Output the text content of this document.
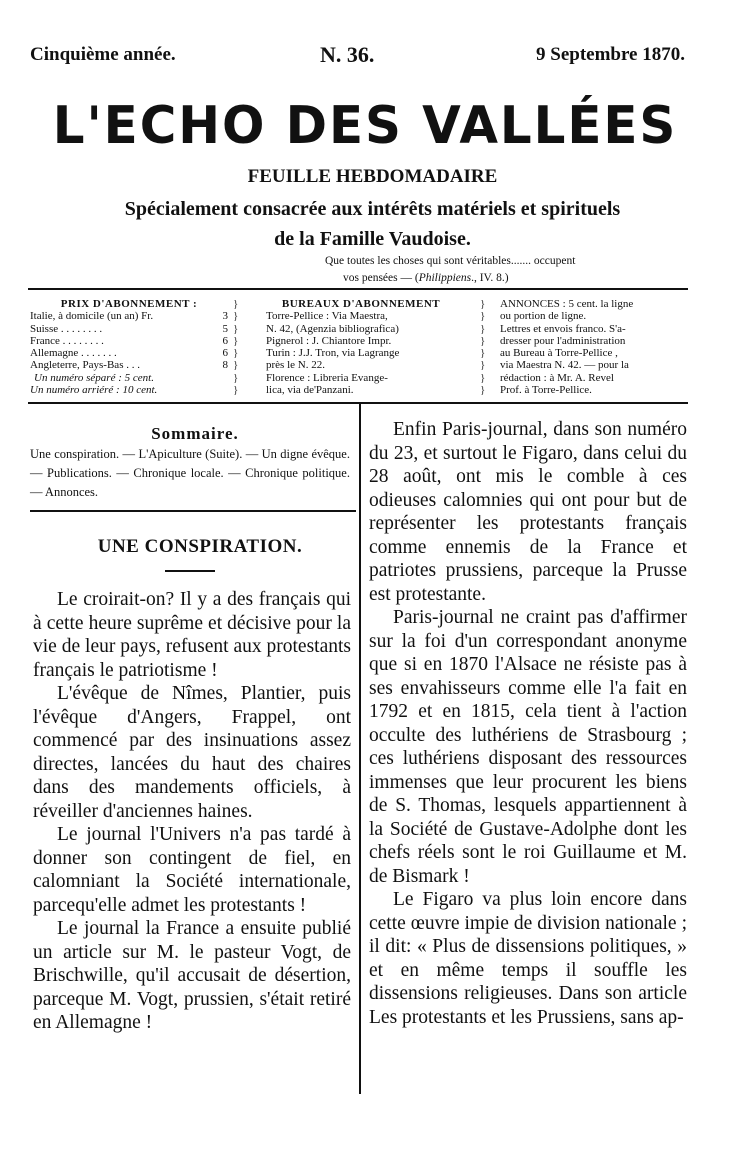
Cinquième année.	N. 36.	9 Septembre 1870.
L'ECHO DES VALLÉES
FEUILLE HEBDOMADAIRE
Spécialement consacrée aux intérêts matériels et spirituels
de la Famille Vaudoise.
Que toutes les choses qui sont véritables....... occupent
vos pensées — (Philippiens., IV. 8.)
PRIX D'ABONNEMENT :
Italie, à domicile (un an) Fr.	3
Suisse . . . . . . . .	5
France . . . . . . . .	6
Allemagne . . . . . . .	6
Angleterre, Pays-Bas . . .	8
Un numéro séparé : 5 cent.
Un numéro arriéré : 10 cent.
}
}
}
}
}
}
}
}
BUREAUX D'ABONNEMENT
Torre-Pellice : Via Maestra,
N. 42, (Agenzia bibliografica)
Pignerol : J. Chiantore Impr.
Turin : J.J. Tron, via Lagrange
près le N. 22.
Florence : Libreria Evange-
lica, via de'Panzani.
}
}
}
}
}
}
}
}
ANNONCES : 5 cent. la ligne
ou portion de ligne.
Lettres et envois franco. S'a-
dresser pour l'administration
au Bureau à Torre-Pellice ,
via Maestra N. 42. — pour la
rédaction : à Mr. A. Revel
Prof. à Torre-Pellice.
Sommaire.
Une conspiration. — L'Apiculture (Suite). — Un digne évêque. — Publications. — Chronique locale. — Chronique politique. — Annonces.
UNE CONSPIRATION.

Le croirait-on? Il y a des français qui à cette heure suprême et décisive pour la vie de leur pays, refusent aux protestants français le patriotisme !

L'évêque de Nîmes, Plantier, puis l'évêque d'Angers, Frappel, ont commencé par des insinuations assez directes, lancées du haut des chaires dans des mandements officiels, à réveiller d'anciennes haines.

Le journal l'Univers n'a pas tardé à donner son contingent de fiel, en calomniant la Société internationale, parcequ'elle admet les protestants !

Le journal la France a ensuite publié un article sur M. le pasteur Vogt, de Brischwille, qu'il accusait de désertion, parceque M. Vogt, prussien, s'était retiré en Allemagne !

Enfin Paris-journal, dans son numéro du 23, et surtout le Figaro, dans celui du 28 août, ont mis le comble à ces odieuses calomnies qui ont pour but de représenter les protestants français comme ennemis de la France et patriotes prussiens, parceque la Prusse est protestante.

Paris-journal ne craint pas d'affirmer sur la foi d'un correspondant anonyme que si en 1870 l'Alsace ne résiste pas à ses envahisseurs comme elle l'a fait en 1792 et en 1815, cela tient à l'action occulte des luthériens de Strasbourg ; ces luthériens disposant des ressources immenses que leur procurent les biens de S. Thomas, lesquels appartiennent à la Société de Gustave-Adolphe dont les chefs réels sont le roi Guillaume et M. de Bismark !

Le Figaro va plus loin encore dans cette œuvre impie de division nationale ; il dit: « Plus de dissensions politiques, » et en même temps il souffle les dissensions religieuses. Dans son article Les protestants et les Prussiens, sans ap-
